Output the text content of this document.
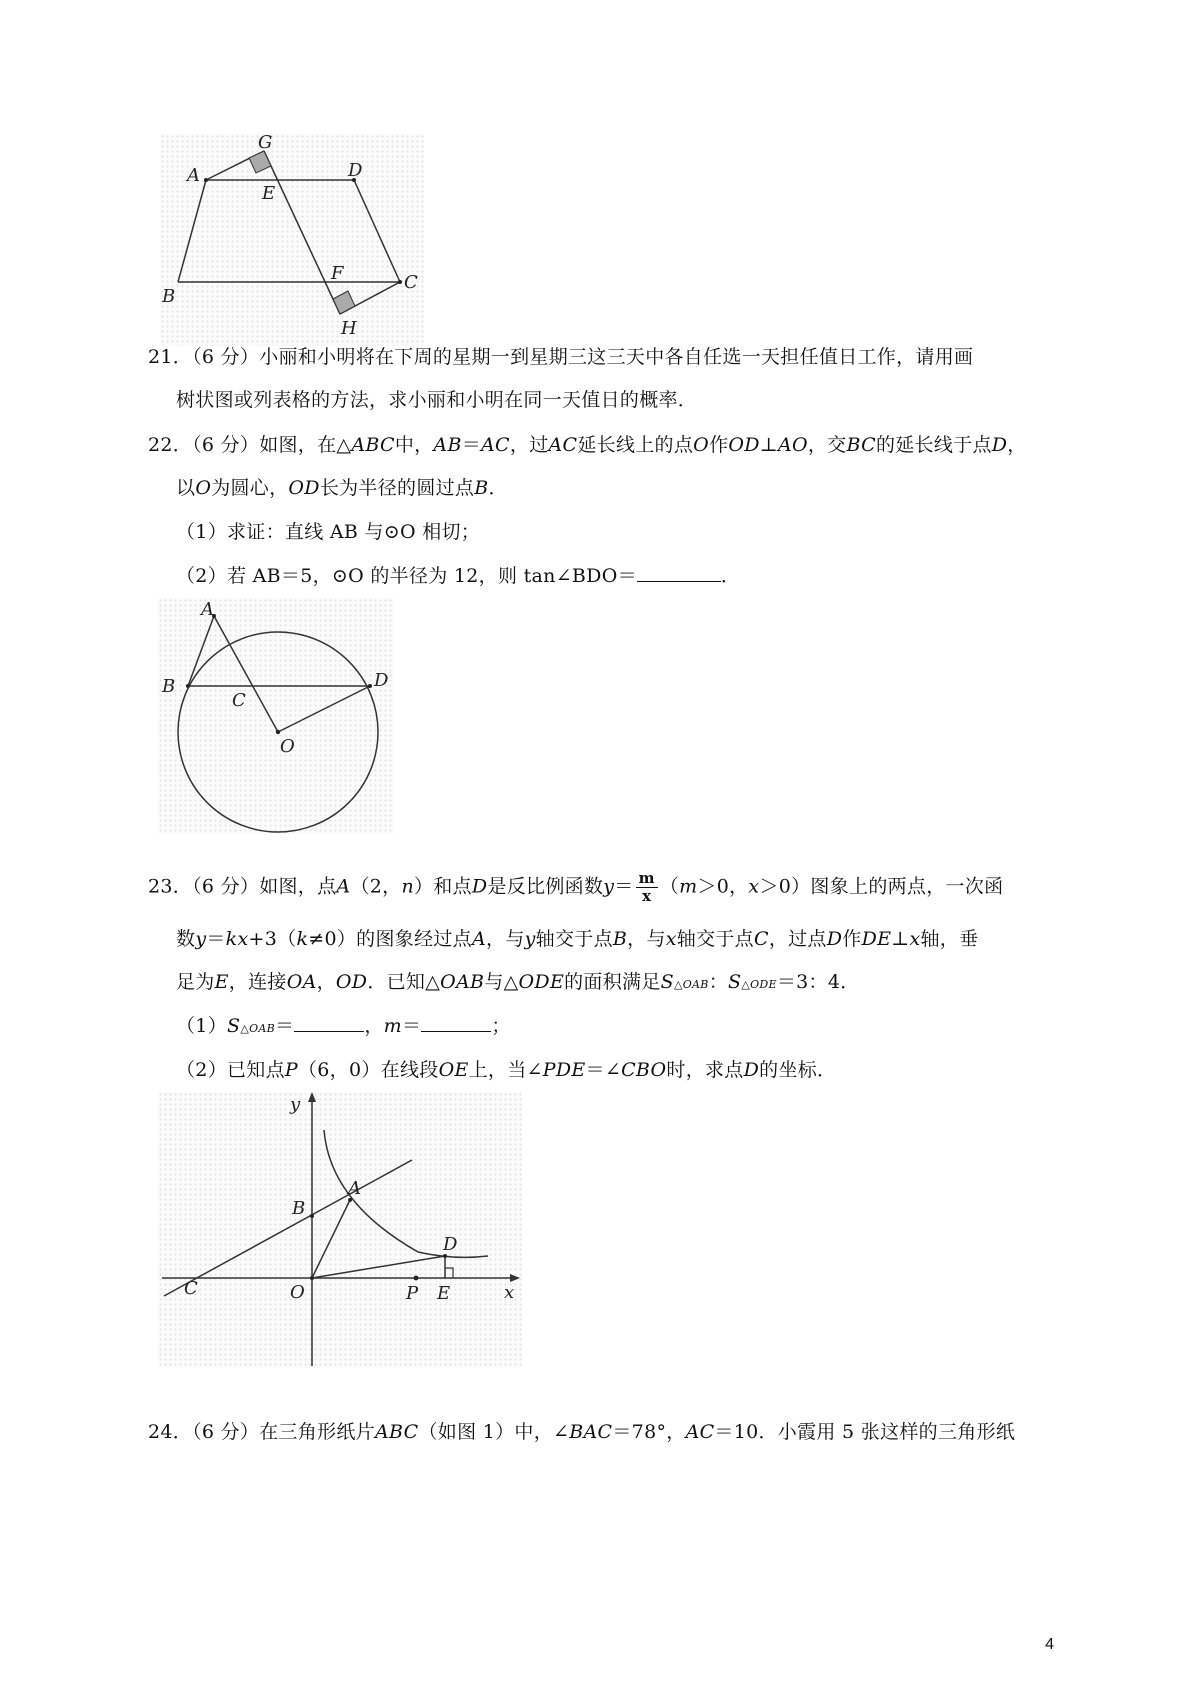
G
A	D
E
F	C
B
H
21．（6 分）小丽和小明将在下周的星期一到星期三这三天中各自任选一天担任值日工作，请用画
树状图或列表格的方法，求小丽和小明在同一天值日的概率．
22．（6 分）如图，在△ABC中，AB＝AC，过AC延长线上的点O作OD⊥AO，交BC的延长线于点D，
以O为圆心，OD长为半径的圆过点B．
（1）求证：直线 AB 与⊙O 相切；
（2）若 AB＝5，⊙O 的半径为 12，则 tan∠BDO＝	．
A
B
C
D
O
23．（6 分）如图，点A（2，n）和点D是反比例函数$y= \frac{m}{x} (m>0$，x＞0）图象上的两点，一次函
数y＝kx+3（k≠0）的图象经过点A，与y轴交于点B，与x轴交于点C，过点D作DE⊥x轴，垂
足为E，连接OA，OD．已知△OAB与△ODE的面积满足S△OAB：S△ODE＝3：4．
（1）S△OAB＝	，m＝	；
（2）已知点P（6，0）在线段OE上，当∠PDE＝∠CBO时，求点D的坐标．
y
A
B
C
D
O	P E	x
24．（6 分）在三角形纸片ABC（如图 1）中，∠BAC＝78°，AC＝10．小霞用 5 张这样的三角形纸
4
